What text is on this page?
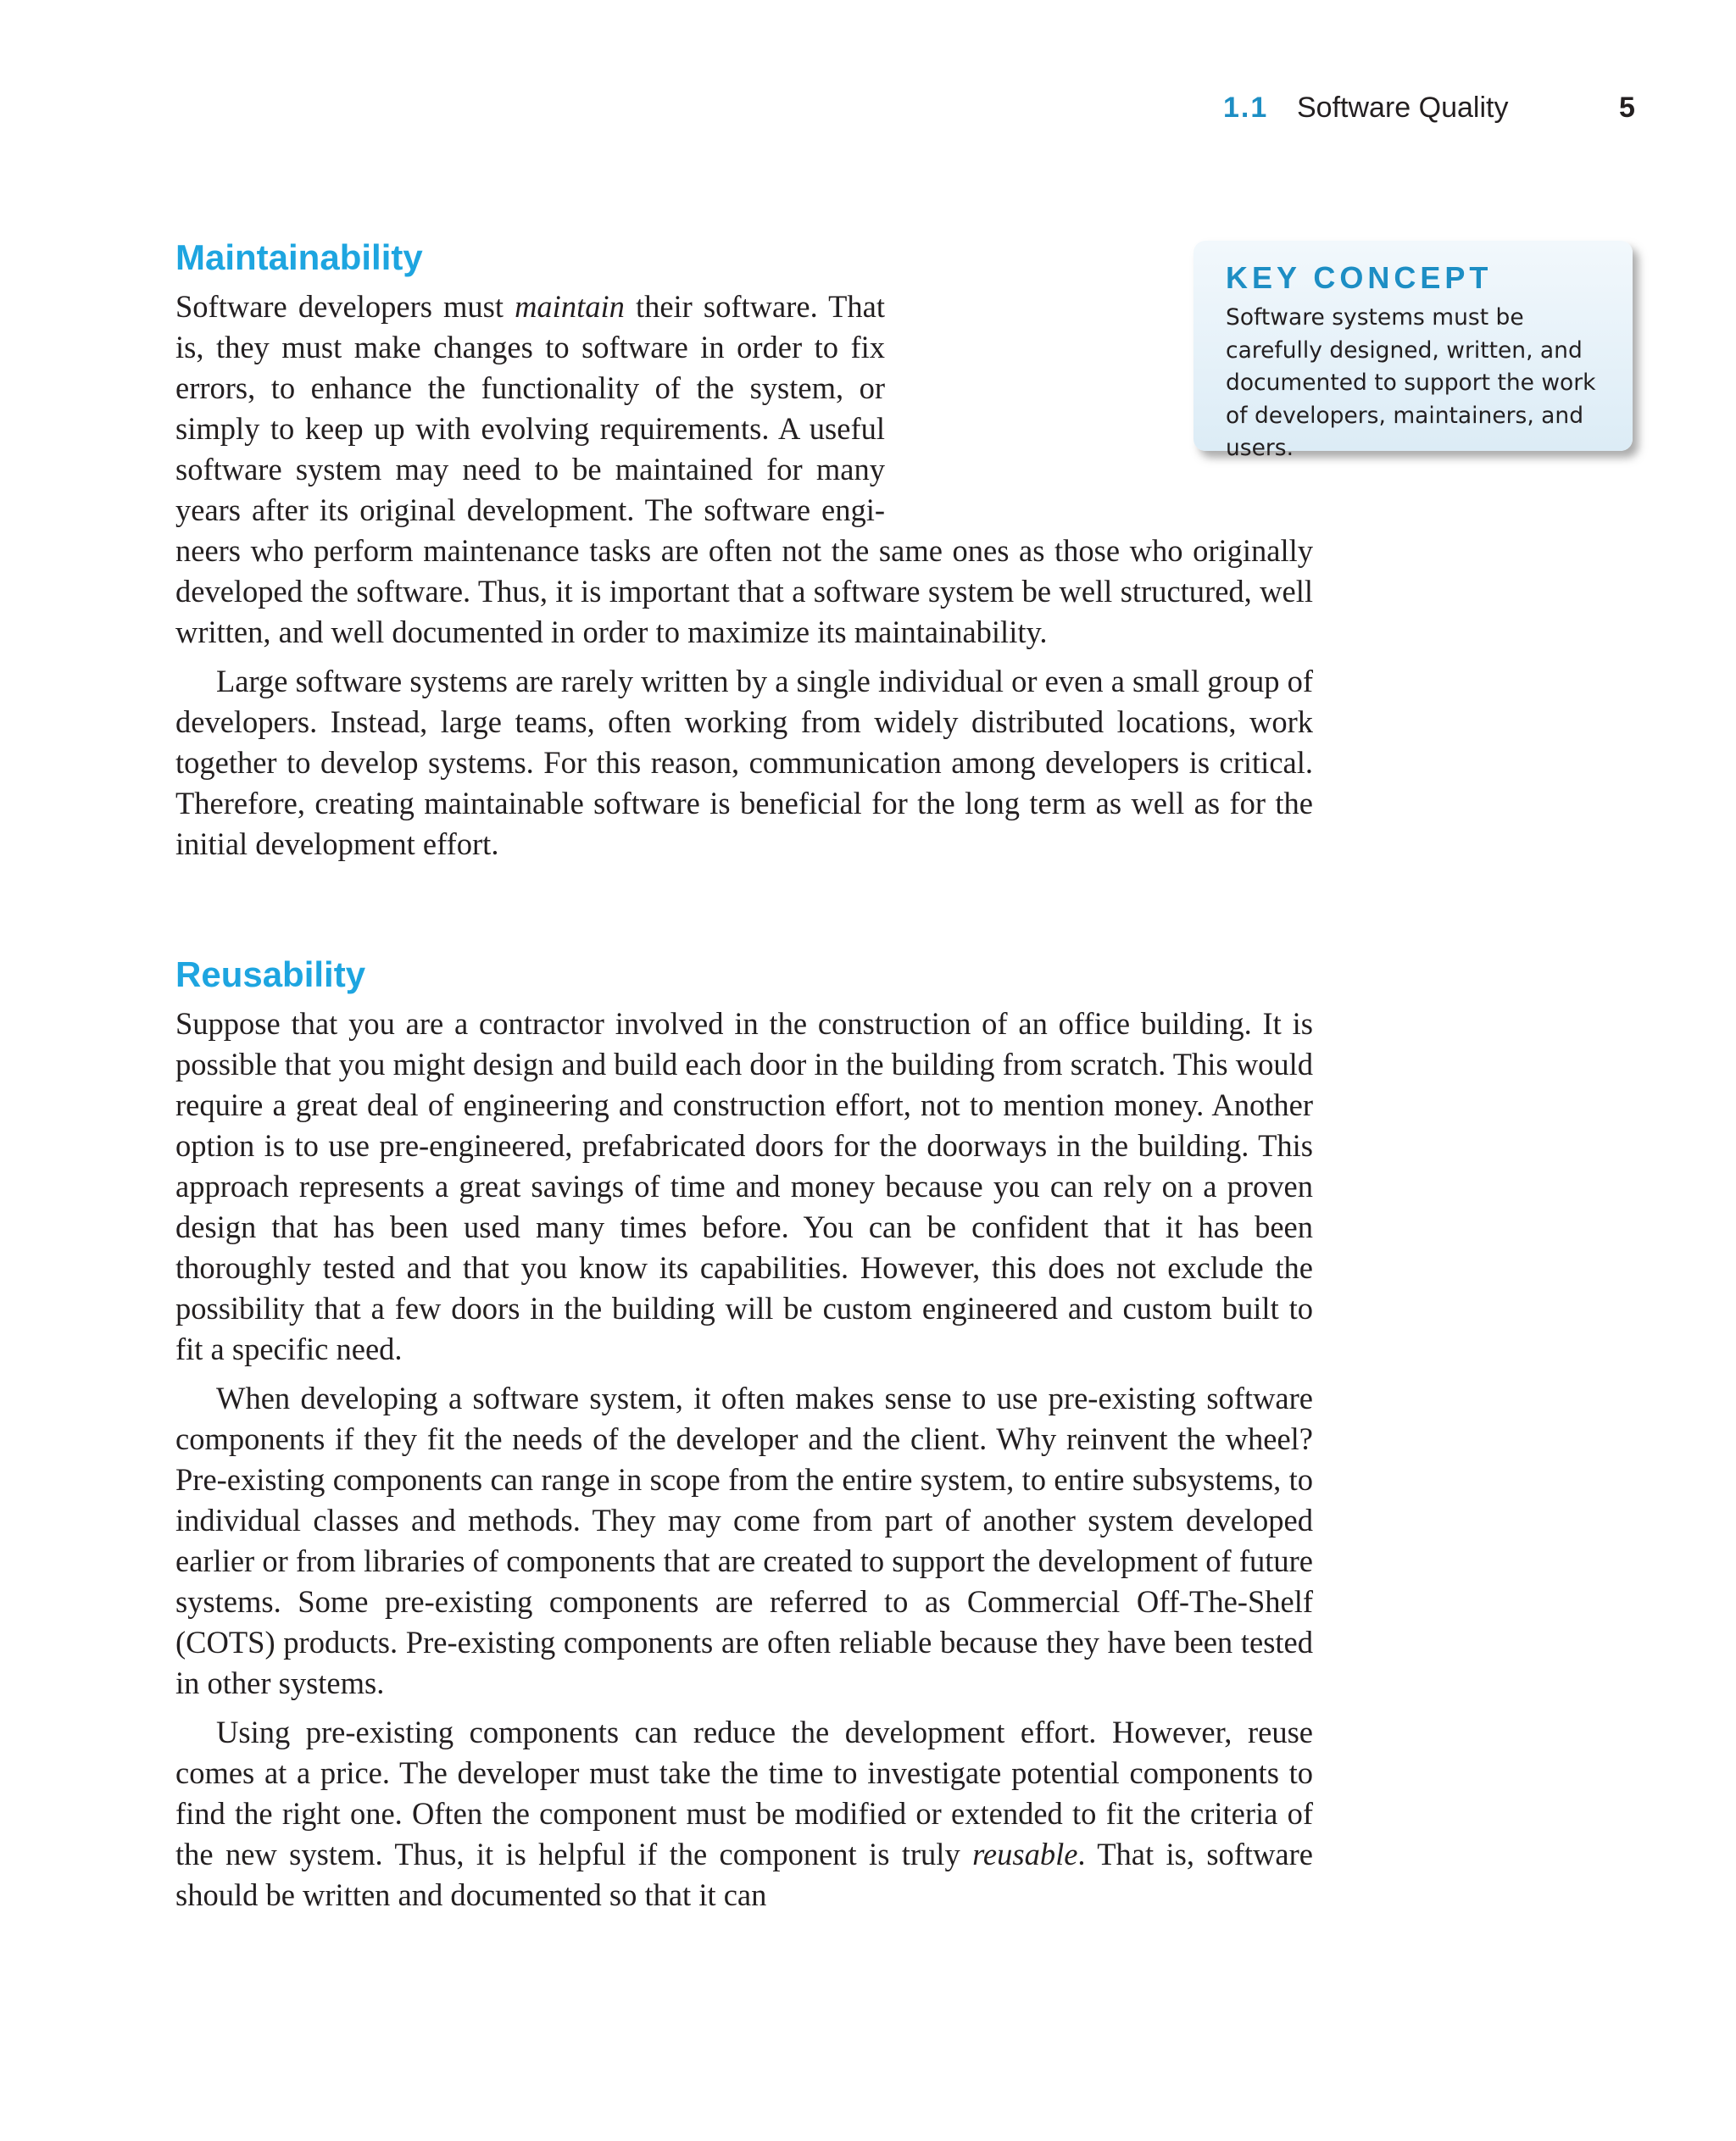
1.1 Software Quality	5
KEY CONCEPT
Software systems must be carefully designed, written, and documented to support the work of developers, maintainers, and users.
Maintainability

Software developers must maintain their software. That is, they must make changes to software in order to fix errors, to enhance the functionality of the system, or simply to keep up with evolving requirements. A useful software system may need to be maintained for many years after its original development. The software engineers who perform maintenance tasks are often not the same ones as those who originally developed the software. Thus, it is important that a software system be well structured, well written, and well documented in order to maximize its maintainability.

Large software systems are rarely written by a single individual or even a small group of developers. Instead, large teams, often working from widely distributed locations, work together to develop systems. For this reason, communication among developers is critical. Therefore, creating maintainable software is beneficial for the long term as well as for the initial development effort.

Reusability

Suppose that you are a contractor involved in the construction of an office building. It is possible that you might design and build each door in the building from scratch. This would require a great deal of engineering and construction effort, not to mention money. Another option is to use pre-engineered, prefabricated doors for the doorways in the building. This approach represents a great savings of time and money because you can rely on a proven design that has been used many times before. You can be confident that it has been thoroughly tested and that you know its capabilities. However, this does not exclude the possibility that a few doors in the building will be custom engineered and custom built to fit a specific need.

When developing a software system, it often makes sense to use pre-existing software components if they fit the needs of the developer and the client. Why reinvent the wheel? Pre-existing components can range in scope from the entire system, to entire subsystems, to individual classes and methods. They may come from part of another system developed earlier or from libraries of components that are created to support the development of future systems. Some pre-existing components are referred to as Commercial Off-The-Shelf (COTS) products. Pre-existing components are often reliable because they have been tested in other systems.

Using pre-existing components can reduce the development effort. However, reuse comes at a price. The developer must take the time to investigate potential components to find the right one. Often the component must be modified or extended to fit the criteria of the new system. Thus, it is helpful if the component is truly reusable. That is, software should be written and documented so that it can
